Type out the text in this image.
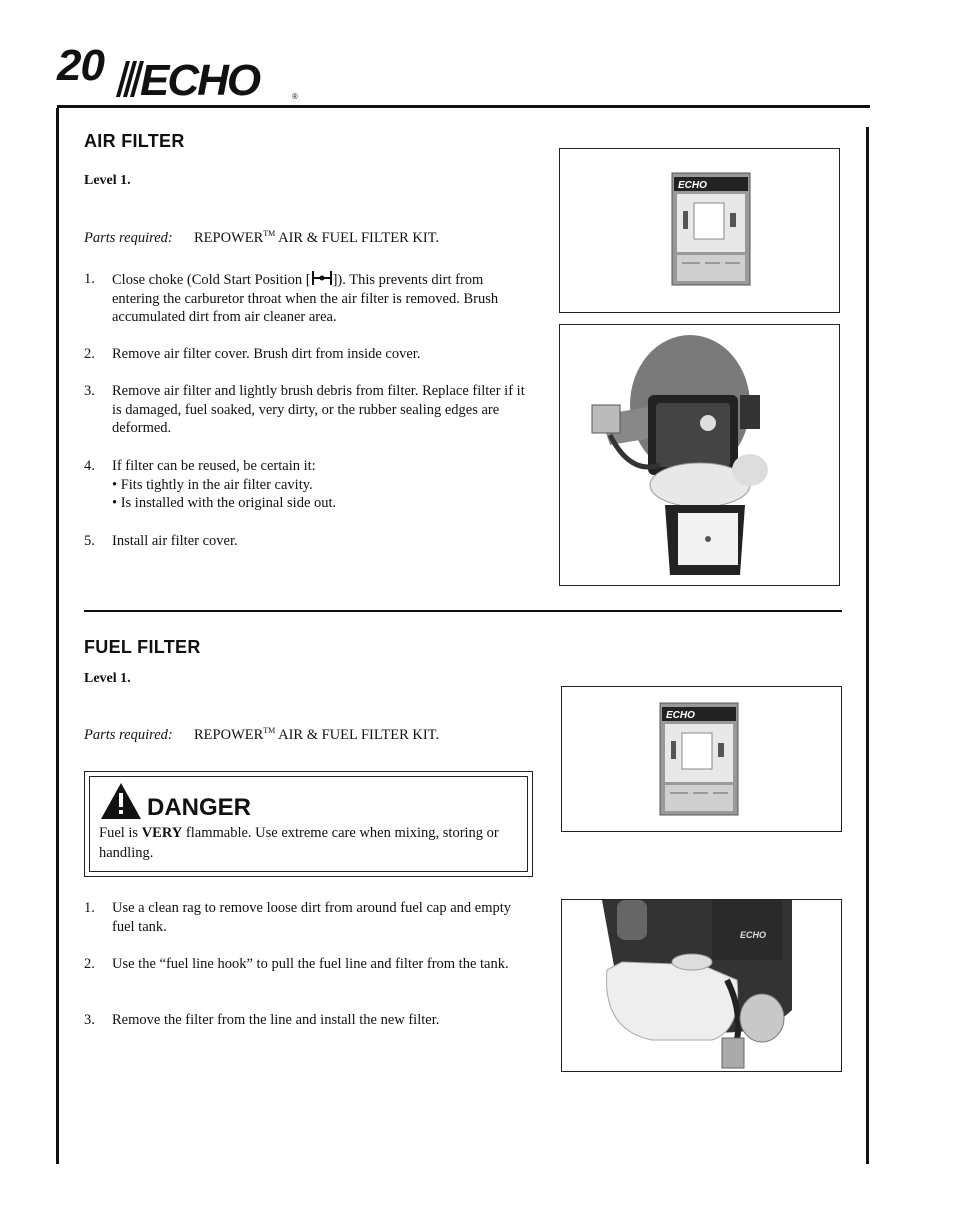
20 ECHO	®
AIR FILTER
Level 1.
Parts required: REPOWER™ AIR & FUEL FILTER KIT.
1. Close choke (Cold Start Position [ ]). This prevents dirt from entering the carburetor throat when the air filter is removed. Brush accumulated dirt from air cleaner area.
2. Remove air filter cover. Brush dirt from inside cover.
3. Remove air filter and lightly brush debris from filter. Replace filter if it is damaged, fuel soaked, very dirty, or the rubber sealing edges are deformed.
4. If filter can be reused, be certain it:
• Fits tightly in the air filter cavity.
• Is installed with the original side out.
5. Install air filter cover.
ECHO
FUEL FILTER
Level 1.
Parts required: REPOWER™ AIR & FUEL FILTER KIT.
DANGER
Fuel is VERY flammable. Use extreme care when mixing, storing or handling.
1. Use a clean rag to remove loose dirt from around fuel cap and empty fuel tank.
2. Use the “fuel line hook” to pull the fuel line and filter from the tank.
3. Remove the filter from the line and install the new filter.
ECHO
ECHO
